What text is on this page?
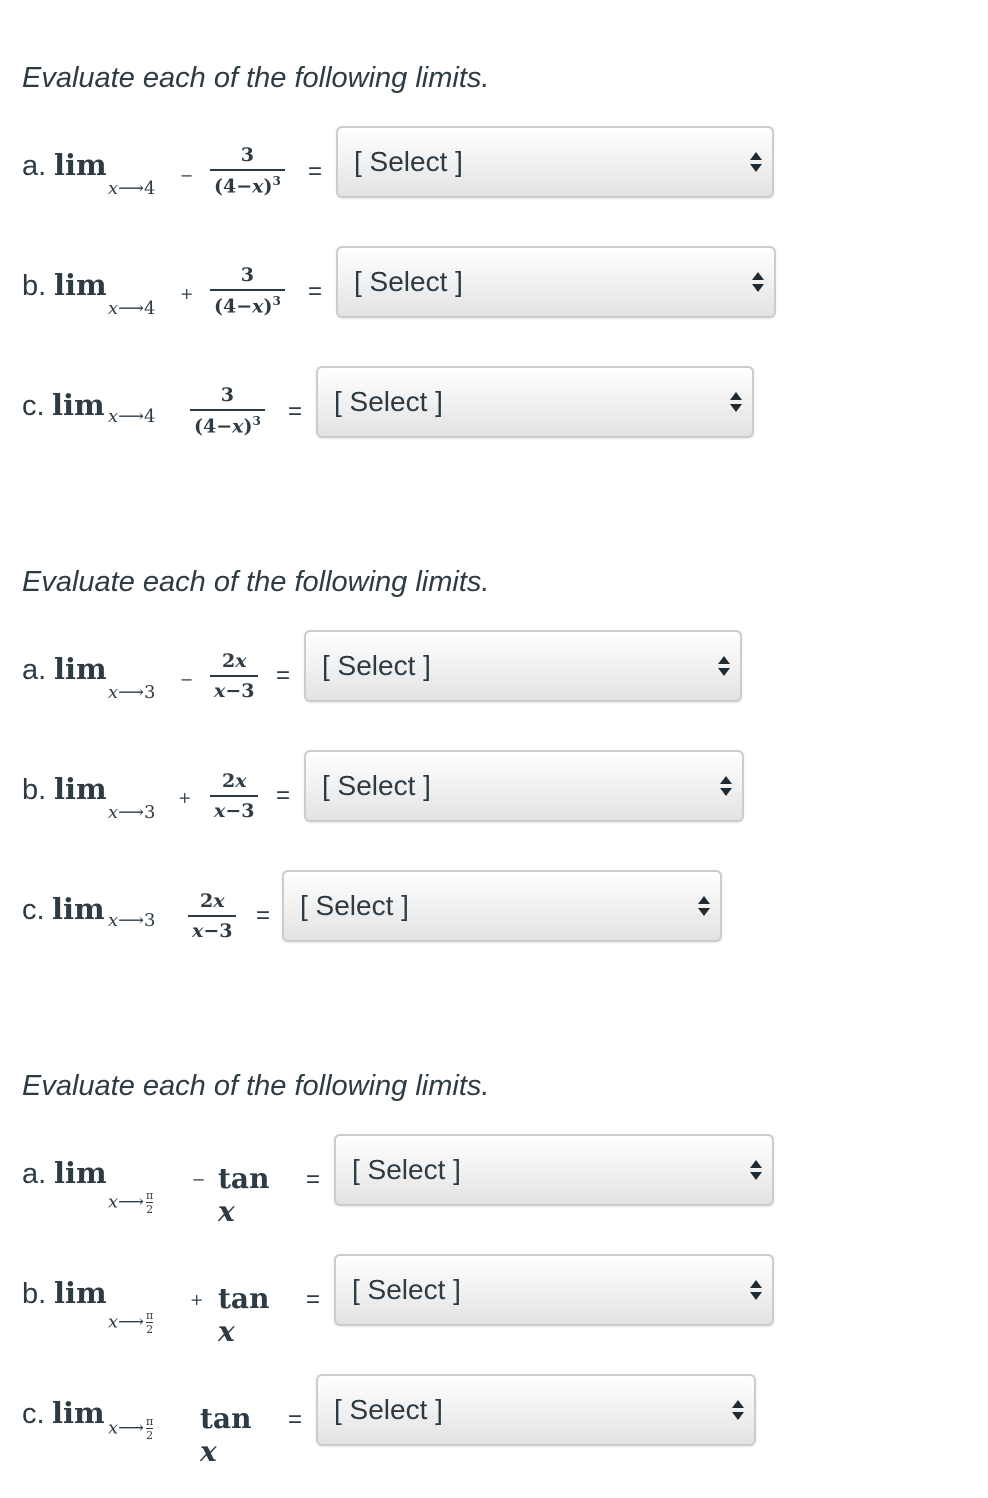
Evaluate each of the following limits.
a. lim
x⟶4
−
3
$(4-x)^3$ = [ Select ]
b. lim
x⟶4
+
3
$(4-x)^3$ = [ Select ]
c. lim x⟶4
3
$(4-x)^3$ = [ Select ]
Evaluate each of the following limits.
a. lim
x⟶3
−
2x
x−3
= [ Select ]
b. lim
x⟶3
+
2x
x−3
= [ Select ]
c. lim x⟶3
2x
x−3
= [ Select ]
Evaluate each of the following limits.
a. lim
x⟶ $\frac{\pi}{2}$
− tan x
= [ Select ]
b. lim
x⟶ $\frac{\pi}{2}$
+ tan x
= [ Select ]
c. lim x⟶ $\frac{\pi}{2}$ tan x
= [ Select ]
